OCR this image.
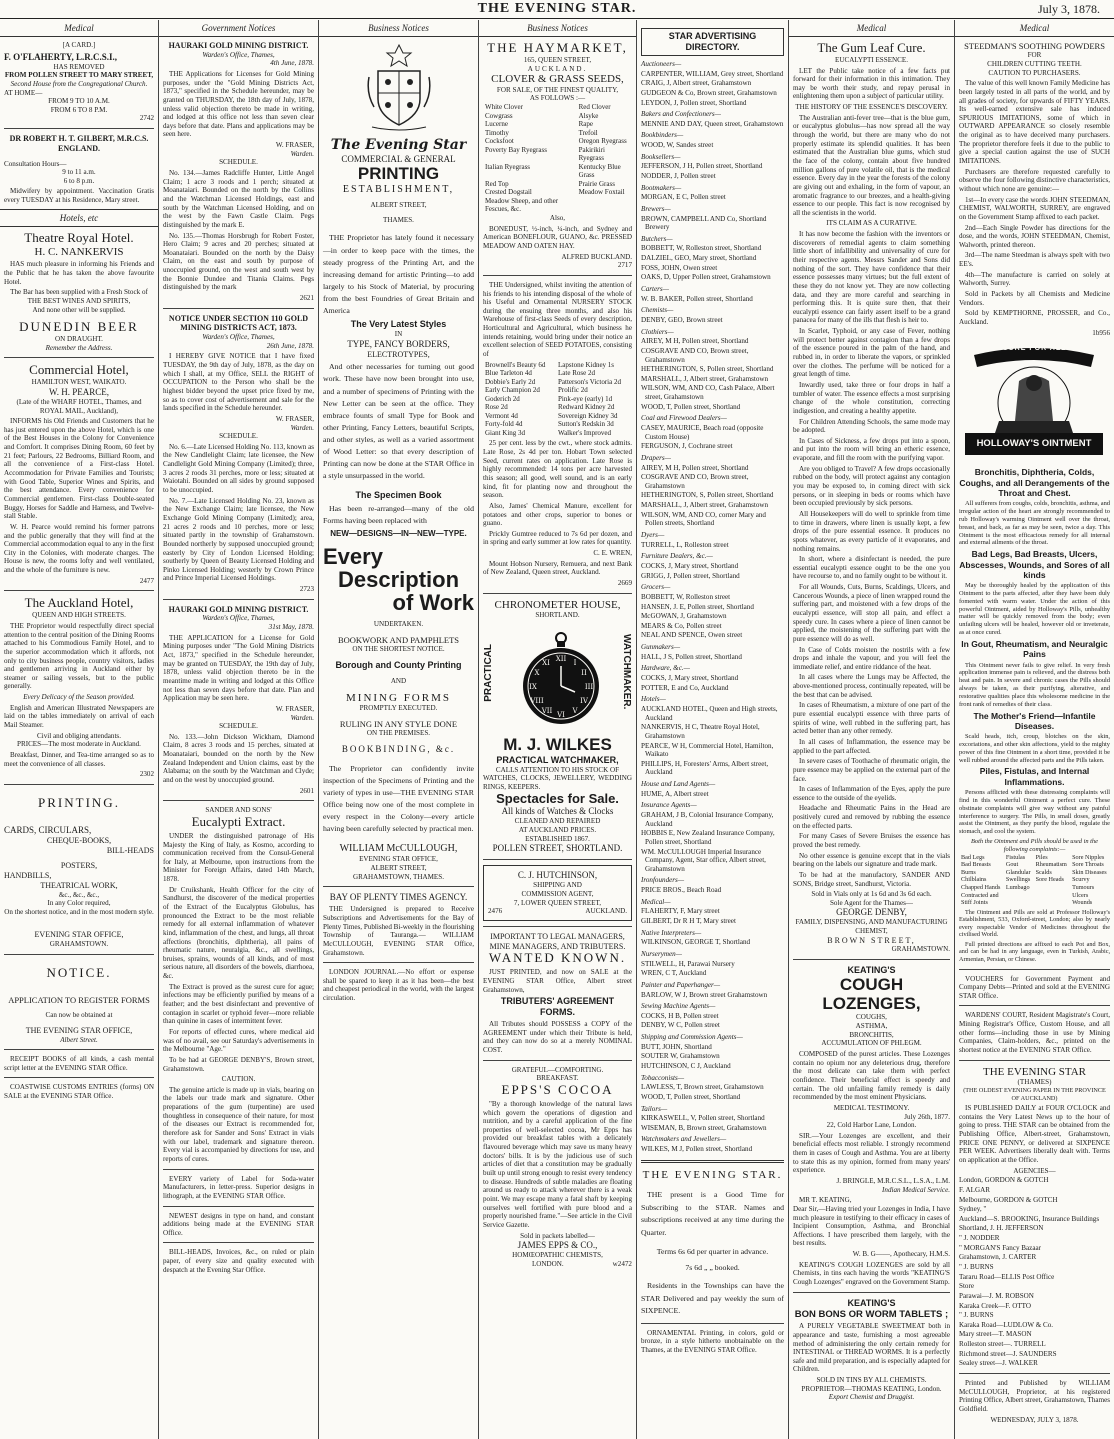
THE EVENING STAR.	July 3, 1878.
Medical
[A CARD.]
F. O'FLAHERTY, L.R.C.S.I.,
HAS REMOVED
FROM POLLEN STREET TO MARY STREET,
Second House from the Congregational Church.
AT HOME—
FROM 9 TO 10 A.M.
FROM 6 TO 8 P.M.
2742
DR ROBERT H. T. GILBERT, M.R.C.S. ENGLAND.
Consultation Hours—
9 to 11 a.m.
6 to 8 p.m.
Midwifery by appointment. Vaccination Gratis every TUESDAY at his Residence, Mary street.
Hotels, etc
Theatre Royal Hotel.
H. C. NANKERVIS
HAS much pleasure in informing his Friends and the Public that he has taken the above favourite Hotel.
The Bar has been supplied with a Fresh Stock of
THE BEST WINES AND SPIRITS,
And none other will be supplied.
DUNEDIN BEER
ON DRAUGHT.
Remember the Address.
Commercial Hotel,
HAMILTON WEST, WAIKATO.
W. H. PEARCE,
(Late of the WHARF HOTEL, Thames, and ROYAL MAIL, Auckland),
INFORMS his Old Friends and Customers that he has just entered upon the above Hotel, which is one of the Best Houses in the Colony for Convenience and Comfort. It comprises Dining Room, 60 feet by 21 feet; Parlours, 22 Bedrooms, Billiard Room, and all the convenience of a First-class Hotel. Accommodation for Private Families and Tourists; with Good Table, Superior Wines and Spirits, and the best attendance. Every convenience for Commercial gentlemen. First-class Double-seated Buggy, Horses for Saddle and Harness, and Twelve-stall Stable.
W. H. Pearce would remind his former patrons and the public generally that they will find at the Commercial accommodation equal to any in the first City in the Colonies, with moderate charges. The House is new, the rooms lofty and well ventilated, and the whole of the furniture is new.
2477
The Auckland Hotel,
QUEEN AND HIGH STREETS.
THE Proprietor would respectfully direct special attention to the central position of the Dining Rooms attached to his Commodious Family Hotel, and to the superior accommodation which it affords, not only to city business people, country visitors, ladies and gentlemen arriving in Auckland either by steamer or sailing vessels, but to the public generally.
Every Delicacy of the Season provided.
English and American Illustrated Newspapers are laid on the tables immediately on arrival of each Mail Steamer.
Civil and obliging attendants.
PRICES—The most moderate in Auckland.
Breakfast, Dinner, and Tea-time arranged so as to meet the convenience of all classes.
2302
PRINTING.
CARDS, CIRCULARS,
CHEQUE-BOOKS,
BILL-HEADS
POSTERS,
HANDBILLS,
THEATRICAL WORK,
&c., &c., &c.,
In any Color required,
On the shortest notice, and in the most modern style.
EVENING STAR OFFICE,
GRAHAMSTOWN.
NOTICE.
APPLICATION TO REGISTER FORMS
Can now be obtained at
THE EVENING STAR OFFICE,
Albert Street.
RECEIPT BOOKS of all kinds, a cash mental script letter at the EVENING STAR Office.
COASTWISE CUSTOMS ENTRIES (forms) ON SALE at the EVENING STAR Office.
Government Notices
HAURAKI GOLD MINING DISTRICT.
Warden's Office, Thames,
4th June, 1878.
THE Applications for Licenses for Gold Mining purposes, under the "Gold Mining Districts Act, 1873," specified in the Schedule hereunder, may be granted on THURSDAY, the 18th day of July, 1878, unless valid objection thereto be made in writing, and lodged at this office not less than seven clear days before that date. Plans and applications may be seen here.
W. FRASER,
Warden.
SCHEDULE.
No. 134.—James Radcliffe Hunter, Little Angel Claim; 1 acre 3 roods and 1 perch; situated at Moanataiari. Bounded on the north by the Collins and the Watchman Licensed Holdings, east and south by the Watchman Licensed Holding, and on the west by the Fawn Castle Claim. Pegs distinguished by the mark E.
No. 135.—Thomas Horsbrugh for Robert Foster, Hero Claim; 9 acres and 20 perches; situated at Moanataiari. Bounded on the north by the Daisy Claim, on the east and south by purpose of unoccupied ground, on the west and south west by the Bonnie Dundee and Titania Claims. Pegs distinguished by the mark
2621
NOTICE UNDER SECTION 110 GOLD MINING DISTRICTS ACT, 1873.
Warden's Office, Thames,
26th June, 1878.
I HEREBY GIVE NOTICE that I have fixed TUESDAY, the 9th day of July, 1878, as the day on which I shall, at my Office, SELL the RIGHT of OCCUPATION to the Person who shall be the highest bidder beyond the upset price fixed by me, so as to cover cost of advertisement and sale for the lands specified in the Schedule hereunder.
W. FRASER,
Warden.
SCHEDULE.
No. 6.—Late Licensed Holding No. 113, known as the New Candlelight Claim; late licensee, the New Candlelight Gold Mining Company (Limited); three, 3 acres 2 roods 31 perches, more or less; situated at Waiotahi. Bounded on all sides by ground supposed to be unoccupied.
No. 7.—Late Licensed Holding No. 23, known as the New Exchange Claim; late licensee, the New Exchange Gold Mining Company (Limited); area, 21 acres 2 roods and 10 perches, more or less; situated partly in the township of Grahamstown. Bounded northerly by supposed unoccupied ground; easterly by City of London Licensed Holding; southerly by Queen of Beauty Licensed Holding and Pinko Licensed Holding; westerly by Crown Prince and Prince Imperial Licensed Holdings.
2723
HAURAKI GOLD MINING DISTRICT.
Warden's Office, Thames,
31st May, 1878.
THE APPLICATION for a License for Gold Mining purposes under "The Gold Mining Districts Act, 1873," specified in the Schedule hereunder, may be granted on TUESDAY, the 19th day of July, 1878, unless valid objection thereto be in the meantime made in writing and lodged at this Office not less than seven days before that date. Plan and Application may be seen here.
W. FRASER,
Warden.
SCHEDULE.
No. 133.—John Dickson Wickham, Diamond Claim, 8 acres 3 roods and 15 perches, situated at Moanataiari, bounded on the north by the New Zealand Independent and Union claims, east by the Alabama; on the south by the Watchman and Clyde; and on the west by unoccupied ground.
2601
SANDER AND SONS'
Eucalypti Extract.
UNDER the distinguished patronage of His Majesty the King of Italy, as Kosmo, according to communication received from the Consul-General for Italy, at Melbourne, upon instructions from the Minister for Foreign Affairs, dated 14th March, 1878.
Dr Cruikshank, Health Officer for the city of Sandhurst, the discoverer of the medical properties of the Extract of the Eucalyptus Globulus, has pronounced the Extract to be the most reliable remedy for all external inflammation of whatever kind, inflammation of the chest, and lungs, all throat affections (bronchitis, diphtheria), all pains of rheumatic nature, neuralgia, &c., all swellings, bruises, sprains, wounds of all kinds, and of most serious nature, all disorders of the bowels, diarrhoea, &c.
The Extract is proved as the surest cure for ague; infections may be efficiently purified by means of a feather; and the best disinfectant and preventive of contagion in scarlet or typhoid fever—more reliable than quinine in cases of intermittent fever.
For reports of effected cures, where medical aid was of no avail, see our Saturday's advertisements in the Melbourne "Age."
To be had at GEORGE DENBY'S, Brown street, Grahamstown.
CAUTION.
The genuine article is made up in vials, bearing on the labels our trade mark and signature. Other preparations of the gum (turpentine) are used thoughtless in consequence of their nature, for most of the diseases our Extract is recommended for, therefore ask for Sander and Sons' Extract in vials with our label, trademark and signature thereon. Every vial is accompanied by directions for use, and reports of cures.
EVERY variety of Label for Soda-water Manufacturers, in letter-press. Superior designs in lithograph, at the EVENING STAR Office.
NEWEST designs in type on hand, and constant additions being made at the EVENING STAR Office.
BILL-HEADS, Invoices, &c., on ruled or plain paper, of every size and quality executed with despatch at the Evening Star Office.
Business Notices
The Evening Star
COMMERCIAL & GENERAL
PRINTING
ESTABLISHMENT,
ALBERT STREET,
THAMES.
THE Proprietor has lately found it necessary—in order to keep pace with the times, the steady progress of the Printing Art, and the increasing demand for artistic Printing—to add largely to his Stock of Material, by procuring from the best Foundries of Great Britain and America
The Very Latest Styles
IN
TYPE, FANCY BORDERS,
ELECTROTYPES,
And other necessaries for turning out good work. These have now been brought into use, and a number of specimens of Printing with the New Letter can be seen at the office. They embrace founts of small Type for Book and other Printing, Fancy Letters, beautiful Scripts, and other styles, as well as a varied assortment of Wood Letter: so that every description of Printing can now be done at the STAR Office in a style unsurpassed in the world.
The Specimen Book
Has been re-arranged—many of the old Forms having been replaced with
NEW—DESIGNS—IN—NEW—TYPE.
Every
Description
of Work
UNDERTAKEN.
BOOKWORK AND PAMPHLETS
ON THE SHORTEST NOTICE.
Borough and County Printing
AND
MINING FORMS
PROMPTLY EXECUTED.
RULING IN ANY STYLE DONE
ON THE PREMISES.
BOOKBINDING, &c.
The Proprietor can confidently invite inspection of the Specimens of Printing and the variety of types in use—THE EVENING STAR Office being now one of the most complete in every respect in the Colony—every article having been carefully selected by practical men.
WILLIAM McCULLOUGH,
EVENING STAR OFFICE,
ALBERT STREET,
GRAHAMSTOWN, THAMES.
BAY OF PLENTY TIMES AGENCY.
THE Undersigned is prepared to Receive Subscriptions and Advertisements for the Bay of Plenty Times, Published Bi-weekly in the flourishing Township of Tauranga.— WILLIAM McCULLOUGH, EVENING STAR Office, Grahamstown.
LONDON JOURNAL.—No effort or expense shall be spared to keep it as it has been—the best and cheapest periodical in the world, with the largest circulation.
Business Notices
THE HAYMARKET,
165, QUEEN STREET,
AUCKLAND.
CLOVER & GRASS SEEDS,
FOR SALE, OF THE FINEST QUALITY,
AS FOLLOWS :—
White Clover	Red Clover
Cowgrass	Alsyke
Lucerne	Rape
Timothy	Trefoil
Cocksfoot	Oregon Ryegrass
Poverty Bay Ryegrass	Pakirikiri Ryegrass
Italian Ryegrass	Kentucky Blue Grass
Red Top	Prairie Grass
Crested Dogstail	Meadow Foxtail
Meadow Sheep, and other Fescues, &c.	
Also,
BONEDUST, ½-inch, ¼-inch, and Sydney and American BONEFLOUR, GUANO, &c. PRESSED MEADOW AND OATEN HAY.
ALFRED BUCKLAND.
2717
THE Undersigned, whilst inviting the attention of his friends to his intending disposal of the whole of his Useful and Ornamental NURSERY STOCK during the ensuing three months, and also his Warehouse of first-class Seeds of every description, Horticultural and Agricultural, which business he intends retaining, would bring under their notice an excellent selection of SEED POTATOES, consisting of
Brownell's Beauty 6d	Lapstone Kidney 1s
Blue Tarleton 4d	Late Rose 2d
Dobbie's Early 2d	Patterson's Victoria 2d
Early Champion 2d	Prolific 2d
Goderich 2d	Pink-eye (early) 1d
Rose 2d	Redward Kidney 2d
Vermont 4d	Sovereign Kidney 3d
Forty-fold 4d	Sutton's Redskin 3d
Giant King 3d	Walker's Improved
25 per cent. less by the cwt., where stock admits. Late Rose, 2s 4d per ton. Hobart Town selected Seed, current rates on application. Late Rose is highly recommended: 14 tons per acre harvested this season; all good, well sound, and is an early kind, fit for planting now and throughout the season.
Also, James' Chemical Manure, excellent for potatoes and other crops, superior to bones or guano.
Prickly Gumtree reduced to 7s 6d per dozen, and in spring and early summer at low rates for quantity.
C. E. WREN,
Mount Hobson Nursery, Remuera, and next Bank of New Zealand, Queen street, Auckland.
2669
CHRONOMETER HOUSE,
SHORTLAND.
PRACTICAL	XII
III
VI
IX
I
II
IV
V
VII
VIII
X
XI	WATCHMAKER.
M. J. WILKES
PRACTICAL WATCHMAKER,
CALLS ATTENTION TO HIS STOCK OF
WATCHES, CLOCKS, JEWELLERY, WEDDING RINGS, KEEPERS.
Spectacles for Sale.
All kinds of Watches & Clocks
CLEANED AND REPAIRED
AT AUCKLAND PRICES.
ESTABLISHED 1867.
POLLEN STREET, SHORTLAND.
C. J. HUTCHINSON,
SHIPPING AND
COMMISSION AGENT,
7, LOWER QUEEN STREET,
2476	AUCKLAND.
IMPORTANT TO LEGAL MANAGERS, MINE MANAGERS, AND TRIBUTERS.
WANTED KNOWN.
JUST PRINTED, and now on SALE at the EVENING STAR Office, Albert street Grahamstown,
TRIBUTERS' AGREEMENT FORMS.
All Tributes should POSSESS a COPY of the AGREEMENT under which their Tribute is held, and they can now do so at a merely NOMINAL COST.
GRATEFUL—COMFORTING.
BREAKFAST.
EPPS'S COCOA
"By a thorough knowledge of the natural laws which govern the operations of digestion and nutrition, and by a careful application of the fine properties of well-selected cocoa, Mr Epps has provided our breakfast tables with a delicately flavoured beverage which may save us many heavy doctors' bills. It is by the judicious use of such articles of diet that a constitution may be gradually built up until strong enough to resist every tendency to disease. Hundreds of subtle maladies are floating around us ready to attack wherever there is a weak point. We may escape many a fatal shaft by keeping ourselves well fortified with pure blood and a properly nourished frame."—See article in the Civil Service Gazette.
Sold in packets labelled—
JAMES EPPS & CO.,
HOMŒOPATHIC CHEMISTS,
LONDON.	w2472
STAR ADVERTISING DIRECTORY.
Auctioneers—
CARPENTER, WILLIAM, Grey street, Shortland
CRAIG, J, Albert street, Grahamstown
GUDGEON & Co, Brown street, Grahamstown
LEYDON, J, Pollen street, Shortland
Bakers and Confectioners—
MENNIE AND DAY, Queen street, Grahamstown
Bookbinders—
WOOD, W, Sandes street
Booksellers—
JEFFERSON, J H, Pollen street, Shortland
NODDER, J, Pollen street
Bootmakers—
MORGAN, E C, Pollen street
Brewers—
BROWN, CAMPBELL AND Co, Shortland Brewery
Butchers—
BOBBETT, W, Rolleston street, Shortland
DALZIEL, GEO, Mary street, Shortland
FOSS, JOHN, Owen street
OAKS, D, Upper Pollen street, Grahamstown
Carters—
W. B. BAKER, Pollen street, Shortland
Chemists—
DENBY, GEO, Brown street
Clothiers—
AIREY, M H, Pollen street, Shortland
COSGRAVE AND CO, Brown street, Grahamstown
HETHERINGTON, S, Pollen street, Shortland
MARSHALL, J, Albert street, Grahamstown
WILSON, WM, AND CO, Cash Palace, Albert street, Grahamstown
WOOD, T, Pollen street, Shortland
Coal and Firewood Dealers—
CASEY, MAURICE, Beach road (opposite Custom House)
FERGUSON, J, Cochrane street
Drapers—
AIREY, M H, Pollen street, Shortland
COSGRAVE AND CO, Brown street, Grahamstown
HETHERINGTON, S, Pollen street, Shortland
MARSHALL, J, Albert street, Grahamstown
WILSON, WM, AND CO, corner Mary and Pollen streets, Shortland
Dyers—
TURRELL, L, Rolleston street
Furniture Dealers, &c.—
COCKS, J, Mary street, Shortland
GRIGG, J, Pollen street, Shortland
Grocers—
BOBBETT, W, Rolleston street
HANSEN, J. E, Pollen street, Shortland
McGOWAN, J, Grahamstown
MEARS & Co, Pollen street
NEAL AND SPENCE, Owen street
Gunmakers—
HALL, J S, Pollen street, Shortland
Hardware, &c.—
COCKS, J, Mary street, Shortland
POTTER, E and Co, Auckland
Hotels—
AUCKLAND HOTEL, Queen and High streets, Auckland
NANKERVIS, H C, Theatre Royal Hotel, Grahamstown
PEARCE, W H, Commercial Hotel, Hamilton, Waikato
PHILLIPS, H, Foresters' Arms, Albert street, Auckland
House and Land Agents—
HUME, A, Albert street
Insurance Agents—
GRAHAM, J B, Colonial Insurance Company, Auckland
HOBBIS E, New Zealand Insurance Company, Pollen street, Shortland
WM. McCULLOUGH Imperial Insurance Company, Agent, Star office, Albert street, Grahamstown
Ironfounders—
PRICE BROS., Beach Road
Medical—
FLAHERTY, F, Mary street
GILBERT, Dr R H T, Mary street
Native Interpreters—
WILKINSON, GEORGE T, Shortland
Nurserymen—
STILWELL, H, Parawai Nursery
WREN, C T, Auckland
Painter and Paperhanger—
BARLOW, W J, Brown street Grahamstown
Sewing Machine Agents—
COCKS, H B, Pollen street
DENBY, W C, Pollen street
Shipping and Commission Agents—
BUTT, JOHN, Shortland
SOUTER W, Grahamstown
HUTCHINSON, C J, Auckland
Tobacconists—
LAWLESS, T, Brown street, Grahamstown
WOOD, T, Pollen street, Shortland
Tailors—
KIRKASWELL, V, Pollen street, Shortland
WISEMAN, B, Brown street, Grahamstown
Watchmakers and Jewellers—
WILKES, M J, Pollen street, Shortland
THE EVENING STAR.
THE present is a Good Time for Subscribing to the STAR. Names and subscriptions received at any time during the Quarter.
Terms 6s 6d per quarter in advance.
7s 6d „ „ booked.
Residents in the Townships can have the STAR Delivered and pay weekly the sum of SIXPENCE.
ORNAMENTAL Printing, in colors, gold or bronze, in a style hitherto unobtainable on the Thames, at the EVENING STAR Office.
Medical
The Gum Leaf Cure.
EUCALYPTI ESSENCE.
LET the Public take notice of a few facts put forward for their information in this intimation. They may be worth their study, and repay perusal in enlightening them upon a subject of particular utility.
THE HISTORY OF THE ESSENCE'S DISCOVERY.
The Australian anti-fever tree—that is the blue gum, or eucalyptus globulus—has now spread all the way through the world, but there are many who do not properly estimate its splendid qualities. It has been estimated that the Australian blue gums, which stud the face of the colony, contain about five hundred million gallons of pure volatile oil, that is the medical essence. Every day in the year the forests of the colony are giving out and exhaling, in the form of vapour, an aromatic fragrance to our breezes, and a health-giving essence to our people. This fact is now recognised by all the scientists in the world.
ITS CLAIM AS A CURATIVE.
It has now become the fashion with the inventors or discoverers of remedial agents to claim something little short of infallibility and universality of cure for their respective agents. Messrs Sander and Sons did nothing of the sort. They have confidence that their essence possesses many virtues; but the full extent of these they do not know yet. They are now collecting data, and they are more careful and searching in performing this. It is quite sure then, that their eucalypti essence can fairly assert itself to be a grand panacea for many of the ills that flesh is heir to.
In Scarlet, Typhoid, or any case of Fever, nothing will protect better against contagion than a few drops of the essence poured in the palm of the hand, and rubbed in, in order to liberate the vapors, or sprinkled over the clothes. The perfume will be noticed for a great length of time.
Inwardly used, take three or four drops in half a tumbler of water. The essence effects a most surprising change of the whole constitution, correcting indigestion, and creating a healthy appetite.
For Children Attending Schools, the same mode may be adopted.
In Cases of Sickness, a few drops put into a spoon, and put into the room will bring an etheric essence, evaporate, and fill the room with the purifying vapor.
Are you obliged to Travel? A few drops occasionally rubbed on the body, will protect against any contagion you may be exposed to, in coming direct with sick persons, or in sleeping in beds or rooms which have been occupied previously by sick persons.
All Housekeepers will do well to sprinkle from time to time in drawers, where linen is usually kept, a few drops of the pure essential essence. It produces no spots whatever, as every particle of it evaporates, and nothing remains.
In short, where a disinfectant is needed, the pure essential eucalypti essence ought to be the one you have recourse to, and no family ought to be without it.
For all Wounds, Cuts, Burns, Scaldings, Ulcers, and Cancerous Wounds, a piece of linen wrapped round the suffering part, and moistened with a few drops of the eucalypti essence, will stop all pain, and effect a speedy cure. In cases where a piece of linen cannot be applied, the moistening of the suffering part with the pure essence will do as well.
In Case of Colds moisten the nostrils with a few drops and inhale the vapour, and you will feel the immediate relief, and entire riddance of the heat.
In all cases where the Lungs may be Affected, the above-mentioned process, continually repeated, will be the best that can be advised.
In cases of Rheumatism, a mixture of one part of the pure essential eucalypti essence with three parts of spirits of wine, well rubbed in the suffering part, has acted better than any other remedy.
In all cases of Inflammation, the essence may be applied to the part affected.
In severe cases of Toothache of rheumatic origin, the pure essence may be applied on the external part of the face.
In cases of Inflammation of the Eyes, apply the pure essence to the outside of the eyelids.
Headache and Rheumatic Pains in the Head are positively cured and removed by rubbing the essence on the effected parts.
For many Cases of Severe Bruises the essence has proved the best remedy.
No other essence is genuine except that in the vials bearing on the labels our signature and trade mark.
To be had at the manufactory, SANDER AND SONS, Bridge street, Sandhurst, Victoria.
Sold in Vials only at 1s 6d and 3s 6d each.
Sole Agent for the Thames—
GEORGE DENBY,
FAMILY, DISPENSING, AND MANUFACTURING CHEMIST,
BROWN STREET,
GRAHAMSTOWN.
KEATING'S
COUGH LOZENGES,
COUGHS,
ASTHMA,
BRONCHITIS,
ACCUMULATION OF PHLEGM.
COMPOSED of the purest articles. These Lozenges contain no opium nor any deleterious drug, therefore the most delicate can take them with perfect confidence. Their beneficial effect is speedy and certain. The old unfailing family remedy is daily recommended by the most eminent Physicians.
MEDICAL TESTIMONY.
July 26th, 1877.
22, Cold Harbor Lane, London.
SIR.—Your Lozenges are excellent, and their beneficial effects most reliable. I strongly recommend them in cases of Cough and Asthma. You are at liberty to state this as my opinion, formed from many years' experience.
J. BRINGLE, M.R.C.S.L., L.S.A., L.M.
Indian Medical Service.
MR T. KEATING,
Dear Sir,—Having tried your Lozenges in India, I have much pleasure in testifying to their efficacy in cases of Incipient Consumption, Asthma, and Bronchial Affections. I have prescribed them largely, with the best results.
W. B. G——, Apothecary, H.M.S.
KEATING'S COUGH LOZENGES are sold by all Chemists, in tins each having the words "KEATING'S Cough Lozenges" engraved on the Government Stamp.
KEATING'S
BON BONS OR WORM TABLETS ;
A PURELY VEGETABLE SWEETMEAT both in appearance and taste, furnishing a most agreeable method of administering the only certain remedy for INTESTINAL or THREAD WORMS. It is a perfectly safe and mild preparation, and is especially adapted for Children.
SOLD IN TINS BY ALL CHEMISTS.
PROPRIETOR—THOMAS KEATING, London.
Export Chemist and Druggist.
Medical
STEEDMAN'S SOOTHING POWDERS
FOR
CHILDREN CUTTING TEETH.
CAUTION TO PURCHASERS.
The value of this well known Family Medicine has been largely tested in all parts of the world, and by all grades of society, for upwards of FIFTY YEARS. Its well-earned extensive sale has induced SPURIOUS IMITATIONS, some of which in OUTWARD APPEARANCE so closely resemble the original as to have deceived many purchasers. The proprietor therefore feels it due to the public to give a special caution against the use of SUCH IMITATIONS.
Purchasers are therefore requested carefully to observe the four following distinctive characteristics, without which none are genuine:—
1st—In every case the words JOHN STEEDMAN, CHEMIST, WALWORTH, SURREY, are engraved on the Government Stamp affixed to each packet.
2nd—Each Single Powder has directions for the dose, and the words, JOHN STEEDMAN, Chemist, Walworth, printed thereon.
3rd—The name Steedman is always spelt with two EE's.
4th—The manufacture is carried on solely at Walworth, Surrey.
Sold in Packets by all Chemists and Medicine Vendors.
Sold by KEMPTHORNE, PROSSER, and Co., Auckland.
1b956
CURE FOR ALL
HOLLOWAY'S OINTMENT
Bronchitis, Diphtheria, Colds, Coughs, and all Derangements of the Throat and Chest.
All sufferers from coughs, colds, bronchitis, asthma, and irregular action of the heart are strongly recommended to rub Holloway's warming Ointment well over the throat, breast, and back, as far as may be seen, twice a day. This Ointment is the most efficacious remedy for all internal and external ailments of the throat.
Bad Legs, Bad Breasts, Ulcers, Abscesses, Wounds, and Sores of all kinds
May be thoroughly healed by the application of this Ointment to the parts affected, after they have been duly fomented with warm water. Under the action of this powerful Ointment, aided by Holloway's Pills, unhealthy matter will be quickly removed from the body; even unfailing ulcers will be healed, however old or inveterate, as at once cured.
In Gout, Rheumatism, and Neuralgic Pains
This Ointment never fails to give relief. In very fresh application immense pain is relieved, and the distress both heat and pain. In severe and chronic cases the Pills should always be taken, as their purifying, alterative, and restorative qualities place this wholesome medicine in the front rank of remedies of their class.
The Mother's Friend—Infantile Diseases.
Scald heads, itch, croup, blotches on the skin, excoriations, and other skin affections, yield to the mighty power of this fine Ointment in a short time, provided it be well rubbed around the affected parts and the Pills taken.
Piles, Fistulas, and Internal Inflammations.
Persons afflicted with these distressing complaints will find in this wonderful Ointment a perfect cure. These obstinate complaints will give way without any painful interference to surgery. The Pills, in small doses, greatly assist the Ointment, as they purify the blood, regulate the stomach, and cool the system.
Both the Ointment and Pills should be used in the following complaints:—
Bad Legs	Fistulas	Piles	Sore Nipples
Bad Breasts	Gout	Rheumatism	Sore Throats
Burns	Glandular	Scalds	Skin Diseases
Chilblains	Swellings	Sore Heads	Scurvy
Chapped Hands	Lumbago		Tumours
Contracted and			Ulcers
Stiff Joints			Wounds
The Ointment and Pills are sold at Professor Holloway's Establishment, 533, Oxford-street, London; also by nearly every respectable Vendor of Medicines throughout the civilised World.
Full printed directions are affixed to each Pot and Box, and can be had in any language, even in Turkish, Arabic, Armenian, Persian, or Chinese.
VOUCHERS for Government Payment and Company Debts—Printed and sold at the EVENING STAR Office.
WARDENS' COURT, Resident Magistrate's Court, Mining Registrar's Office, Custom House, and all other forms—including those in use by Mining Companies, Claim-holders, &c., printed on the shortest notice at the EVENING STAR Office.
THE EVENING STAR
(THAMES)
(THE OLDEST EVENING PAPER IN THE PROVINCE OF AUCKLAND)
IS PUBLISHED DAILY at FOUR O'CLOCK and contains the Very Latest News up to the hour of going to press. THE STAR can be obtained from the Publishing Office, Albert-street, Grahamstown, PRICE ONE PENNY, or delivered at SIXPENCE PER WEEK. Advertisers liberally dealt with. Terms on application at the Office.
AGENCIES—
London, GORDON & GOTCH
F. ALGAR
Melbourne, GORDON & GOTCH
Sydney, "
Auckland—S. BROOKING, Insurance Buildings
Shortland, J. H. JEFFERSON
" J. NODDER
" MORGAN'S Fancy Bazaar
Grahamstown, J. CARTER
" J. BURNS
Tararu Road—ELLIS Post Office
Store
Parawai—J. M. ROBSON
Karaka Creek—F. OTTO
" J. BURNS
Karaka Road—LUDLOW & Co.
Mary street—T. MASON
Rolleston street—. TURRELL
Richmond street—J. SAUNDERS
Sealey street—J. WALKER
Printed and Published by WILLIAM McCULLOUGH, Proprietor, at his registered Printing Office, Albert street, Grahamstown, Thames Goldfield.
WEDNESDAY, JULY 3, 1878.
